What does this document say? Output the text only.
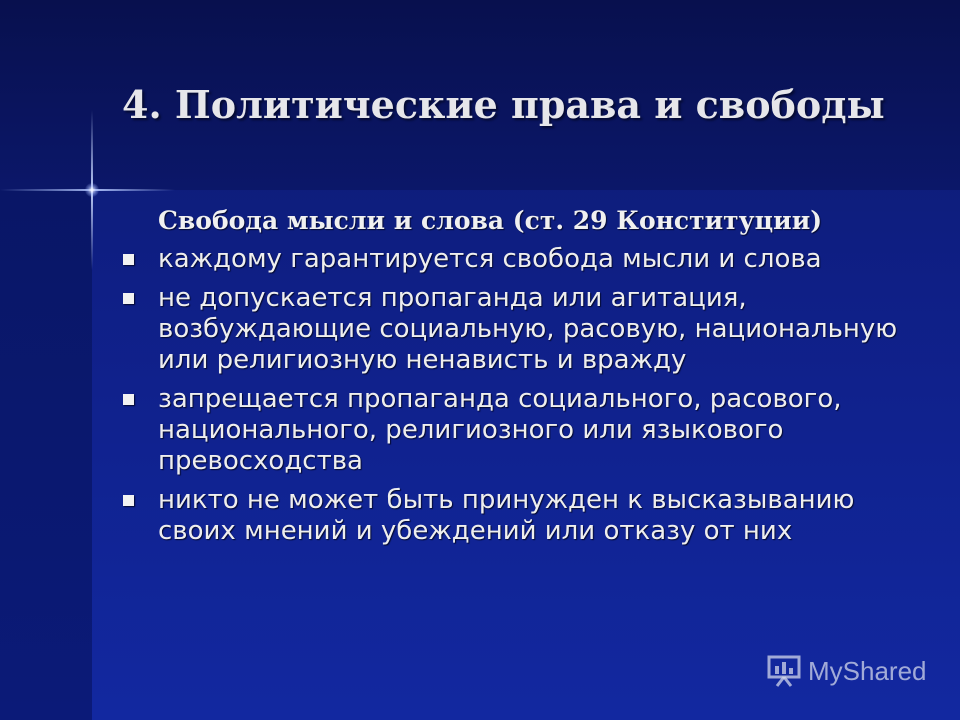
4. Политические права и свободы

Свобода мысли и слова (ст. 29 Конституции)

каждому гарантируется свобода мысли и слова
не допускается пропаганда или агитация, возбуждающие социальную, расовую, национальную или религиозную ненависть и вражду
запрещается пропаганда социального, расового, национального, религиозного или языкового превосходства
никто не может быть принужден к высказыванию своих мнений и убеждений или отказу от них
MyShared
